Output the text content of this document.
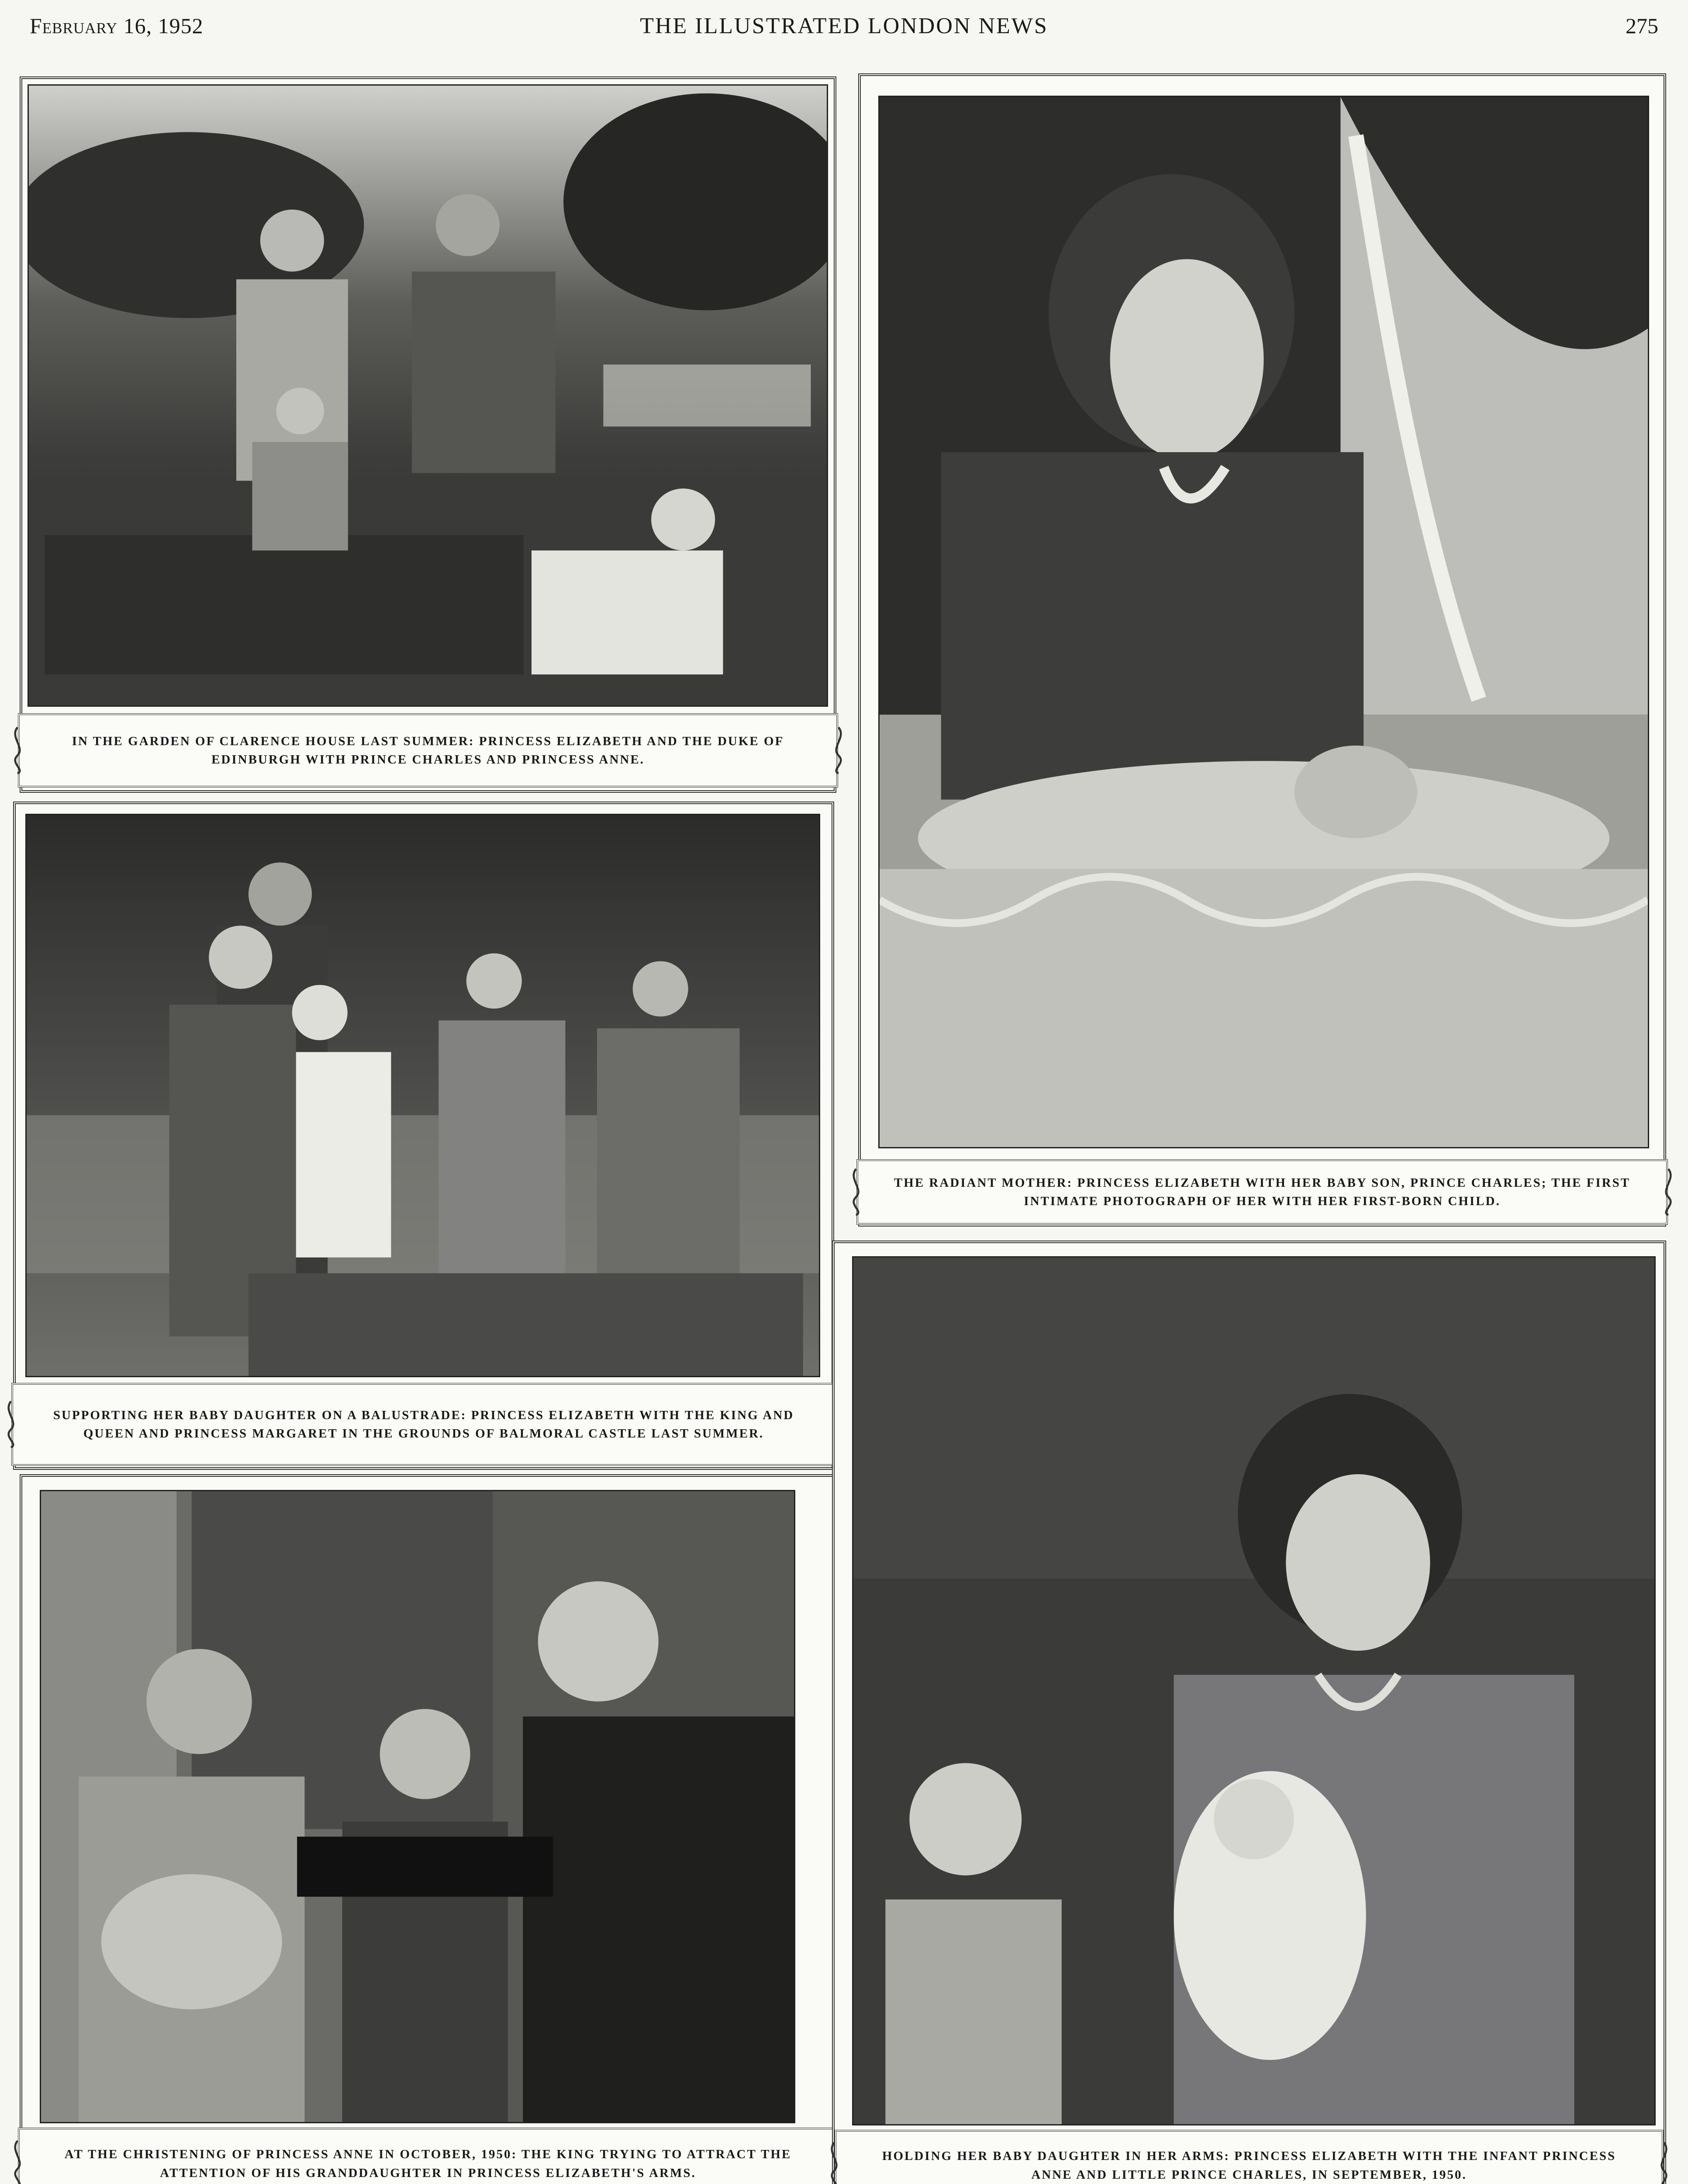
February 16, 1952	THE ILLUSTRATED LONDON NEWS	275
IN THE GARDEN OF CLARENCE HOUSE LAST SUMMER: PRINCESS ELIZABETH AND THE DUKE OF EDINBURGH WITH PRINCE CHARLES AND PRINCESS ANNE.
THE RADIANT MOTHER: PRINCESS ELIZABETH WITH HER BABY SON, PRINCE CHARLES; THE FIRST INTIMATE PHOTOGRAPH OF HER WITH HER FIRST-BORN CHILD.
SUPPORTING HER BABY DAUGHTER ON A BALUSTRADE: PRINCESS ELIZABETH WITH THE KING AND QUEEN AND PRINCESS MARGARET IN THE GROUNDS OF BALMORAL CASTLE LAST SUMMER.
AT THE CHRISTENING OF PRINCESS ANNE IN OCTOBER, 1950: THE KING TRYING TO ATTRACT THE ATTENTION OF HIS GRANDDAUGHTER IN PRINCESS ELIZABETH'S ARMS.
HOLDING HER BABY DAUGHTER IN HER ARMS: PRINCESS ELIZABETH WITH THE INFANT PRINCESS ANNE AND LITTLE PRINCE CHARLES, IN SEPTEMBER, 1950.
